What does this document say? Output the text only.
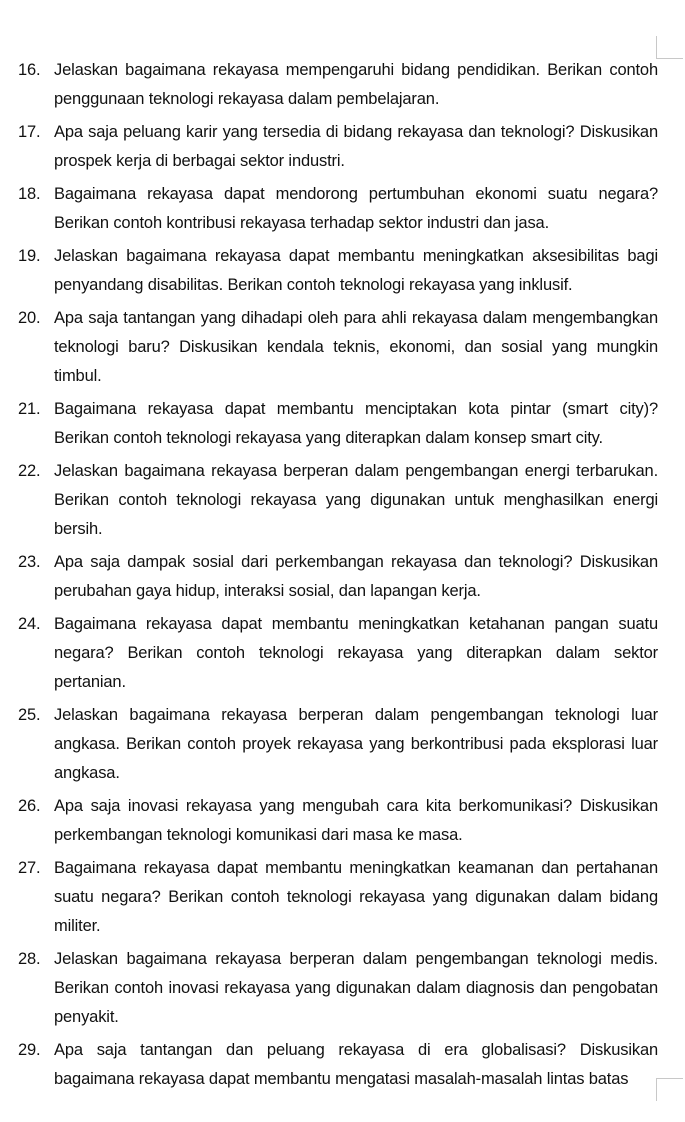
16. Jelaskan bagaimana rekayasa mempengaruhi bidang pendidikan. Berikan contoh penggunaan teknologi rekayasa dalam pembelajaran.
17. Apa saja peluang karir yang tersedia di bidang rekayasa dan teknologi? Diskusikan prospek kerja di berbagai sektor industri.
18. Bagaimana rekayasa dapat mendorong pertumbuhan ekonomi suatu negara? Berikan contoh kontribusi rekayasa terhadap sektor industri dan jasa.
19. Jelaskan bagaimana rekayasa dapat membantu meningkatkan aksesibilitas bagi penyandang disabilitas. Berikan contoh teknologi rekayasa yang inklusif.
20. Apa saja tantangan yang dihadapi oleh para ahli rekayasa dalam mengembangkan teknologi baru? Diskusikan kendala teknis, ekonomi, dan sosial yang mungkin timbul.
21. Bagaimana rekayasa dapat membantu menciptakan kota pintar (smart city)? Berikan contoh teknologi rekayasa yang diterapkan dalam konsep smart city.
22. Jelaskan bagaimana rekayasa berperan dalam pengembangan energi terbarukan. Berikan contoh teknologi rekayasa yang digunakan untuk menghasilkan energi bersih.
23. Apa saja dampak sosial dari perkembangan rekayasa dan teknologi? Diskusikan perubahan gaya hidup, interaksi sosial, dan lapangan kerja.
24. Bagaimana rekayasa dapat membantu meningkatkan ketahanan pangan suatu negara? Berikan contoh teknologi rekayasa yang diterapkan dalam sektor pertanian.
25. Jelaskan bagaimana rekayasa berperan dalam pengembangan teknologi luar angkasa. Berikan contoh proyek rekayasa yang berkontribusi pada eksplorasi luar angkasa.
26. Apa saja inovasi rekayasa yang mengubah cara kita berkomunikasi? Diskusikan perkembangan teknologi komunikasi dari masa ke masa.
27. Bagaimana rekayasa dapat membantu meningkatkan keamanan dan pertahanan suatu negara? Berikan contoh teknologi rekayasa yang digunakan dalam bidang militer.
28. Jelaskan bagaimana rekayasa berperan dalam pengembangan teknologi medis. Berikan contoh inovasi rekayasa yang digunakan dalam diagnosis dan pengobatan penyakit.
29. Apa saja tantangan dan peluang rekayasa di era globalisasi? Diskusikan bagaimana rekayasa dapat membantu mengatasi masalah-masalah lintas batas
